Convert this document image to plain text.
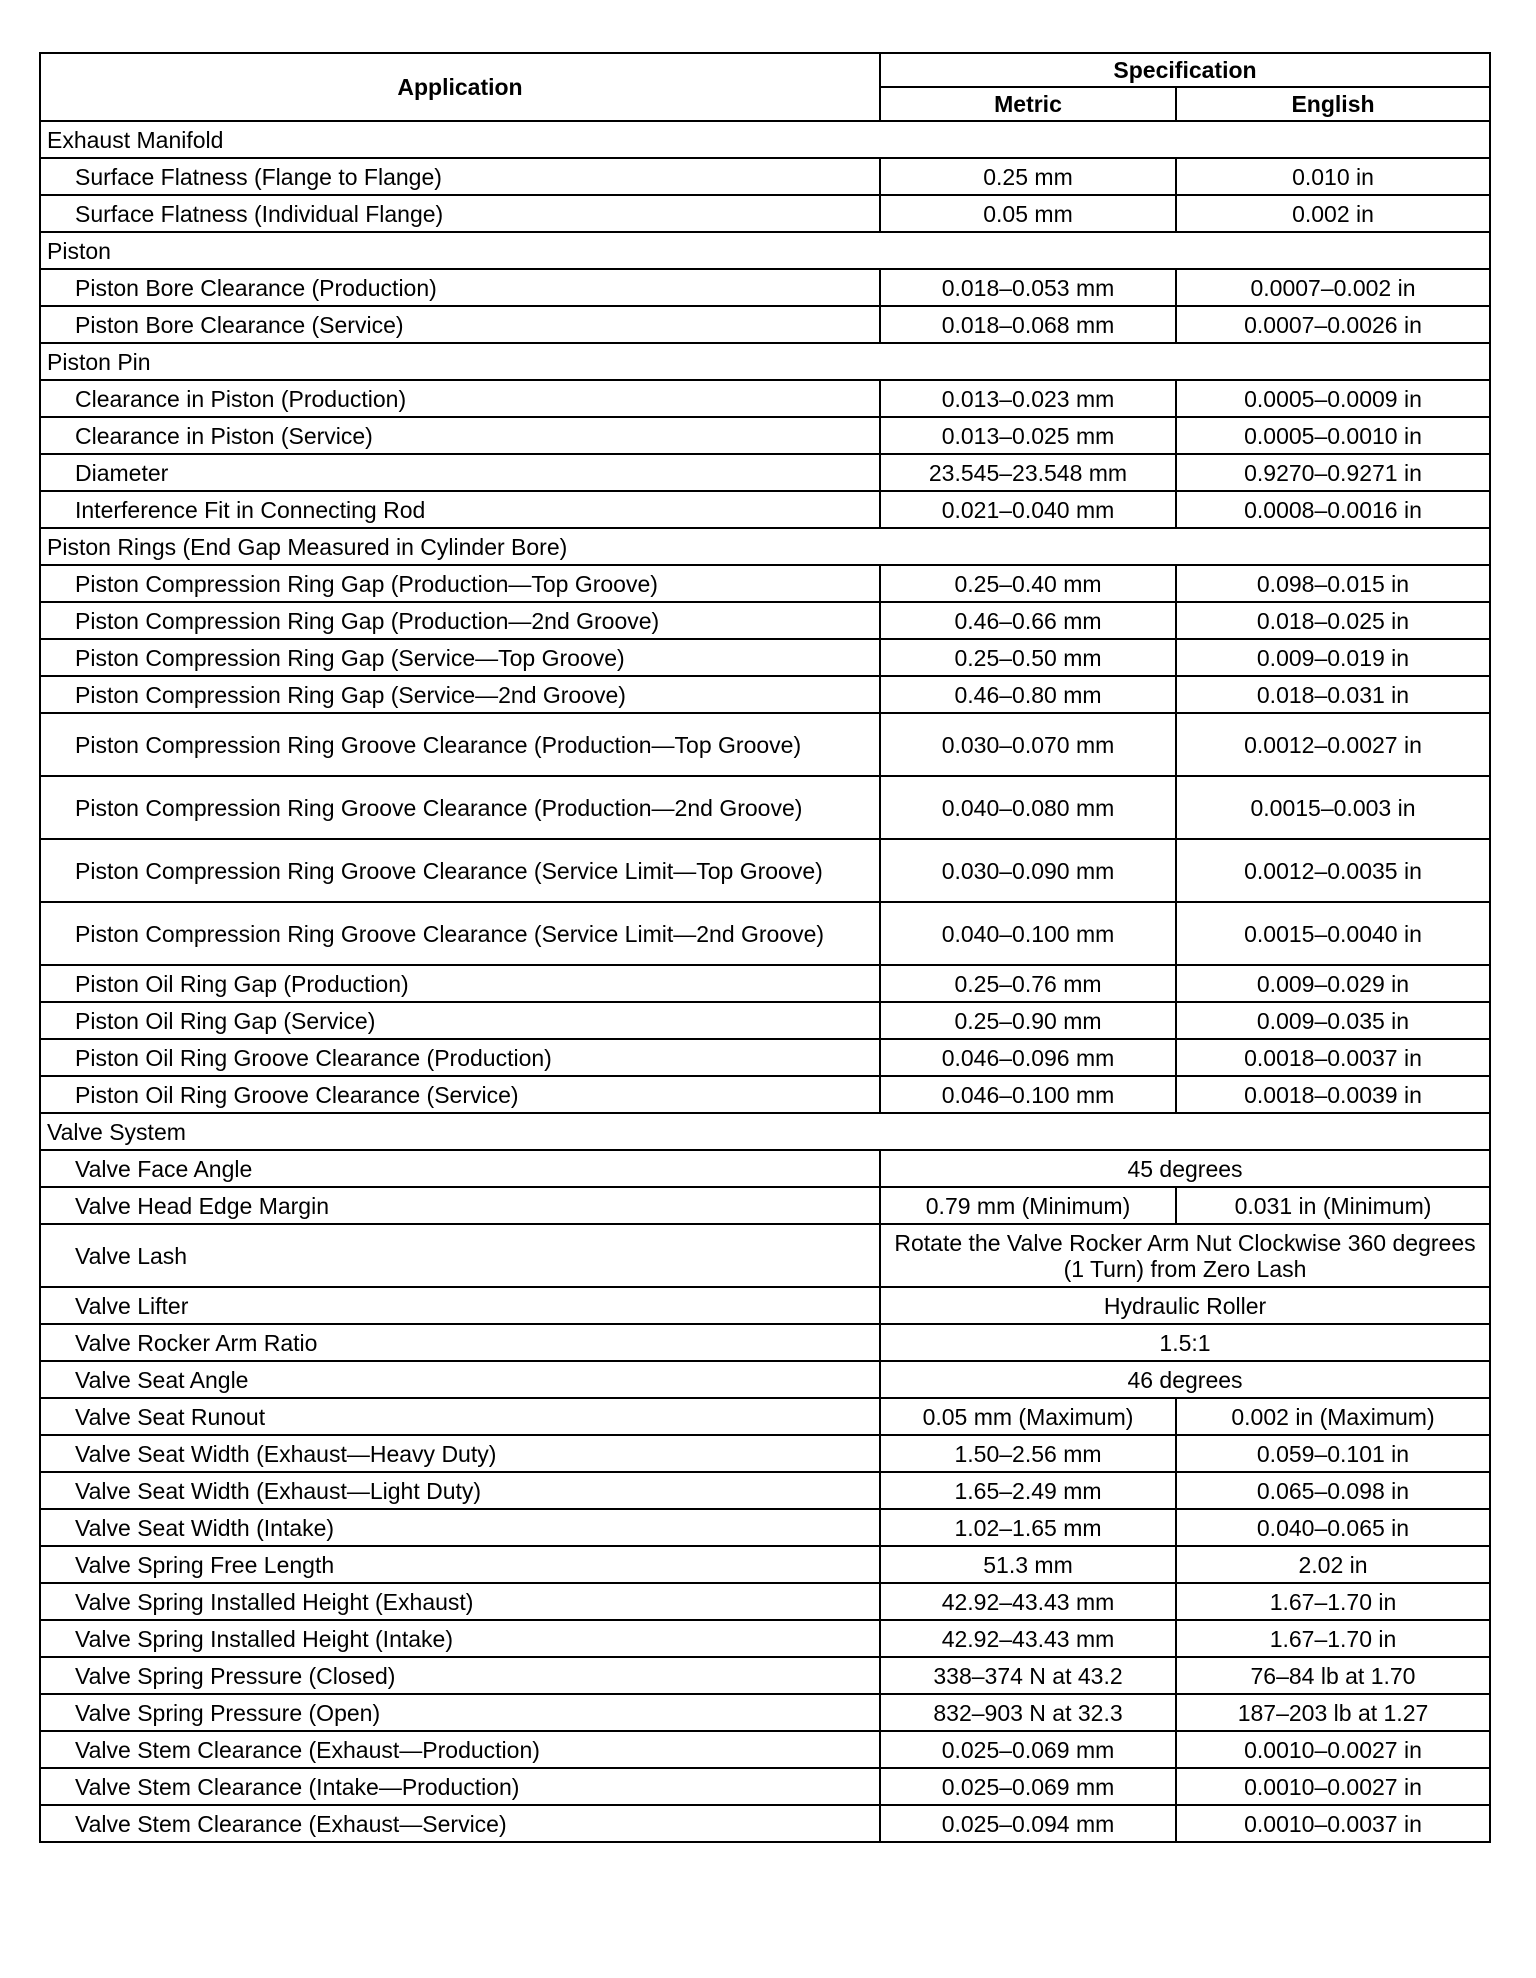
Application	Specification	
	Metric	English
Exhaust Manifold		
Surface Flatness (Flange to Flange)	0.25 mm	0.010 in
Surface Flatness (Individual Flange)	0.05 mm	0.002 in
Piston		
Piston Bore Clearance (Production)	0.018–0.053 mm	0.0007–0.002 in
Piston Bore Clearance (Service)	0.018–0.068 mm	0.0007–0.0026 in
Piston Pin		
Clearance in Piston (Production)	0.013–0.023 mm	0.0005–0.0009 in
Clearance in Piston (Service)	0.013–0.025 mm	0.0005–0.0010 in
Diameter	23.545–23.548 mm	0.9270–0.9271 in
Interference Fit in Connecting Rod	0.021–0.040 mm	0.0008–0.0016 in
Piston Rings (End Gap Measured in Cylinder Bore)		
Piston Compression Ring Gap (Production—Top Groove)	0.25–0.40 mm	0.098–0.015 in
Piston Compression Ring Gap (Production—2nd Groove)	0.46–0.66 mm	0.018–0.025 in
Piston Compression Ring Gap (Service—Top Groove)	0.25–0.50 mm	0.009–0.019 in
Piston Compression Ring Gap (Service—2nd Groove)	0.46–0.80 mm	0.018–0.031 in
Piston Compression Ring Groove Clearance (Production—Top Groove)	0.030–0.070 mm	0.0012–0.0027 in
Piston Compression Ring Groove Clearance (Production—2nd Groove)	0.040–0.080 mm	0.0015–0.003 in
Piston Compression Ring Groove Clearance (Service Limit—Top Groove)	0.030–0.090 mm	0.0012–0.0035 in
Piston Compression Ring Groove Clearance (Service Limit—2nd Groove)	0.040–0.100 mm	0.0015–0.0040 in
Piston Oil Ring Gap (Production)	0.25–0.76 mm	0.009–0.029 in
Piston Oil Ring Gap (Service)	0.25–0.90 mm	0.009–0.035 in
Piston Oil Ring Groove Clearance (Production)	0.046–0.096 mm	0.0018–0.0037 in
Piston Oil Ring Groove Clearance (Service)	0.046–0.100 mm	0.0018–0.0039 in
Valve System		
Valve Face Angle	45 degrees	
Valve Head Edge Margin	0.79 mm (Minimum)	0.031 in (Minimum)
Valve Lash	Rotate the Valve Rocker Arm Nut Clockwise 360 degrees (1 Turn) from Zero Lash	
Valve Lifter	Hydraulic Roller	
Valve Rocker Arm Ratio	1.5:1	
Valve Seat Angle	46 degrees	
Valve Seat Runout	0.05 mm (Maximum)	0.002 in (Maximum)
Valve Seat Width (Exhaust—Heavy Duty)	1.50–2.56 mm	0.059–0.101 in
Valve Seat Width (Exhaust—Light Duty)	1.65–2.49 mm	0.065–0.098 in
Valve Seat Width (Intake)	1.02–1.65 mm	0.040–0.065 in
Valve Spring Free Length	51.3 mm	2.02 in
Valve Spring Installed Height (Exhaust)	42.92–43.43 mm	1.67–1.70 in
Valve Spring Installed Height (Intake)	42.92–43.43 mm	1.67–1.70 in
Valve Spring Pressure (Closed)	338–374 N at 43.2	76–84 lb at 1.70
Valve Spring Pressure (Open)	832–903 N at 32.3	187–203 lb at 1.27
Valve Stem Clearance (Exhaust—Production)	0.025–0.069 mm	0.0010–0.0027 in
Valve Stem Clearance (Intake—Production)	0.025–0.069 mm	0.0010–0.0027 in
Valve Stem Clearance (Exhaust—Service)	0.025–0.094 mm	0.0010–0.0037 in
